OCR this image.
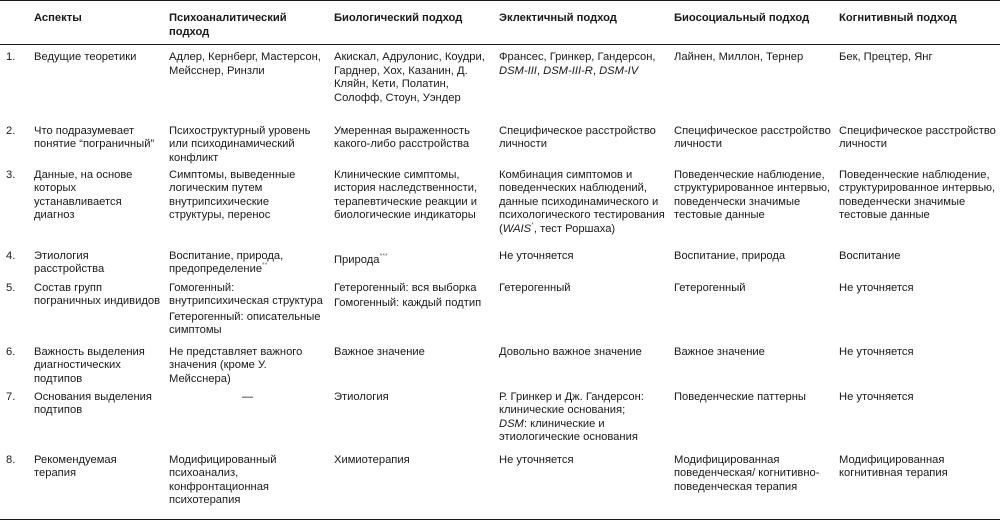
	Аспекты	Психоаналитический подход	Биологический подход	Эклектичный подход	Биосоциальный подход	Когнитивный подход
1.	Ведущие теоретики	Адлер, Кернберг, Мастерсон, Мейсснер, Ринзли	Акискал, Адрулонис, Коудри, Гарднер, Хох, Казанин, Д. Кляйн, Кети, Полатин, Солофф, Стоун, Уэндер	Франсес, Гринкер, Гандерсон, DSM-III, DSM-III-R, DSM-IV	Лайнен, Миллон, Тернер	Бек, Прецтер, Янг
2.	Что подразумевает понятие “пограничный”	Психоструктурный уровень или психодинамический конфликт	Умеренная выраженность какого-либо расстройства	Специфическое расстройство личности	Специфическое расстройство личности	Специфическое расстройство личности
3.	Данные, на основе которых устанавливается диагноз	Симптомы, выведенные логическим путем внутрипсихические структуры, перенос	Клинические симптомы, история наследственности, терапевтические реакции и биологические индикаторы	Комбинация симптомов и поведенческих наблюдений, данные психодинамического и психологического тестирования (WAIS*, тест Роршаха)	Поведенческие наблюдение, структурированное интервью, поведенчески значимые тестовые данные	Поведенческие наблюдение, структурированное интервью, поведенчески значимые тестовые данные
4.	Этиология расстройства	Воспитание, природа, предопределение**	Природа***	Не уточняется	Воспитание, природа	Воспитание
5.	Состав групп пограничных индивидов	Гомогенный: внутрипсихическая структура
Гетерогенный: описательные симптомы	Гетерогенный: вся выборка
Гомогенный: каждый подтип	Гетерогенный	Гетерогенный	Не уточняется
6.	Важность выделения диагностических подтипов	Не представляет важного значения (кроме У. Мейсснера)	Важное значение	Довольно важное значение	Важное значение	Не уточняется
7.	Основания выделения подтипов	—	Этиология	Р. Гринкер и Дж. Гандерсон: клинические основания;
DSM: клинические и этиологические основания	Поведенческие паттерны	Не уточняется
8.	Рекомендуемая терапия	Модифицированный психоанализ, конфронтационная психотерапия	Химиотерапия	Не уточняется	Модифицированная поведенческая/ когнитивно-поведенческая терапия	Модифицированная когнитивная терапия
